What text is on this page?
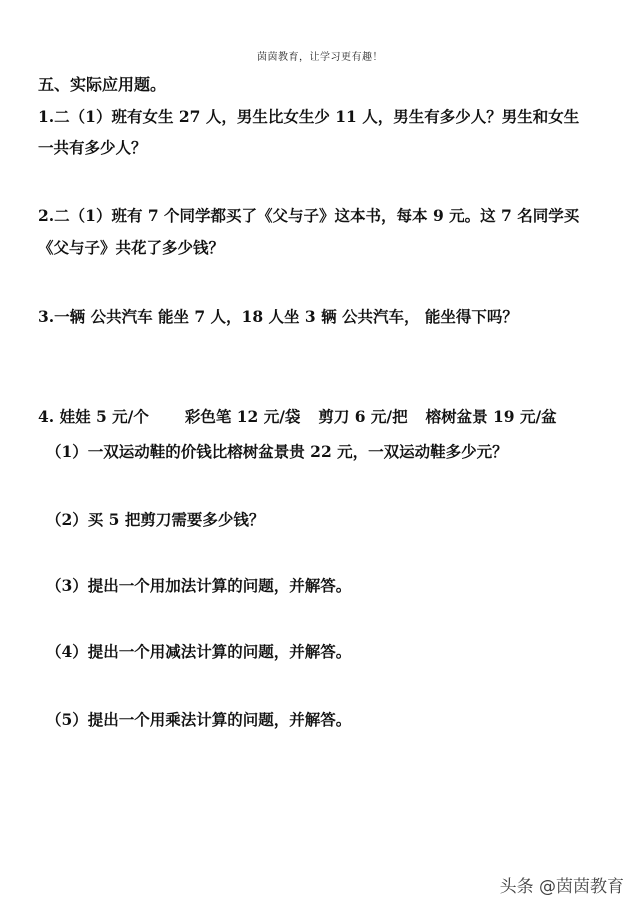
茵茵教育，让学习更有趣！
五、实际应用题。
1.二（1）班有女生 27 人，男生比女生少 11 人，男生有多少人？男生和女生
一共有多少人？
2.二（1）班有 7 个同学都买了《父与子》这本书，每本 9 元。这 7 名同学买
《父与子》共花了多少钱？
3.一辆 公共汽车 能坐 7 人，18 人坐 3 辆 公共汽车， 能坐得下吗？
4. 娃娃 5 元/个 彩色笔 12 元/袋 剪刀 6 元/把 榕树盆景 19 元/盆
（1）一双运动鞋的价钱比榕树盆景贵 22 元，一双运动鞋多少元？
（2）买 5 把剪刀需要多少钱？
（3）提出一个用加法计算的问题，并解答。
（4）提出一个用减法计算的问题，并解答。
（5）提出一个用乘法计算的问题，并解答。
头条 @茵茵教育
